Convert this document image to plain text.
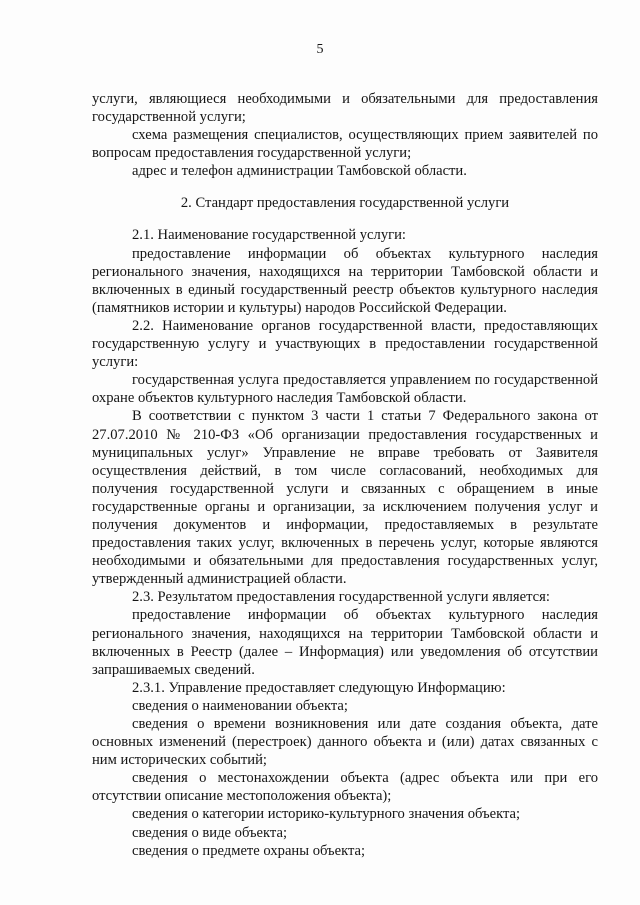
5

услуги, являющиеся необходимыми и обязательными для предоставления государственной услуги;

схема размещения специалистов, осуществляющих прием заявителей по вопросам предоставления государственной услуги;

адрес и телефон администрации Тамбовской области.

2. Стандарт предоставления государственной услуги

2.1. Наименование государственной услуги:

предоставление информации об объектах культурного наследия регионального значения, находящихся на территории Тамбовской области и включенных в единый государственный реестр объектов культурного наследия (памятников истории и культуры) народов Российской Федерации.

2.2. Наименование органов государственной власти, предоставляющих государственную услугу и участвующих в предоставлении государственной услуги:

государственная услуга предоставляется управлением по государственной охране объектов культурного наследия Тамбовской области.

В соответствии с пунктом 3 части 1 статьи 7 Федерального закона от 27.07.2010 № 210-ФЗ «Об организации предоставления государственных и муниципальных услуг» Управление не вправе требовать от Заявителя осуществления действий, в том числе согласований, необходимых для получения государственной услуги и связанных с обращением в иные государственные органы и организации, за исключением получения услуг и получения документов и информации, предоставляемых в результате предоставления таких услуг, включенных в перечень услуг, которые являются необходимыми и обязательными для предоставления государственных услуг, утвержденный администрацией области.

2.3. Результатом предоставления государственной услуги является:

предоставление информации об объектах культурного наследия регионального значения, находящихся на территории Тамбовской области и включенных в Реестр (далее – Информация) или уведомления об отсутствии запрашиваемых сведений.

2.3.1. Управление предоставляет следующую Информацию:

сведения о наименовании объекта;

сведения о времени возникновения или дате создания объекта, дате основных изменений (перестроек) данного объекта и (или) датах связанных с ним исторических событий;

сведения о местонахождении объекта (адрес объекта или при его отсутствии описание местоположения объекта);

сведения о категории историко-культурного значения объекта;

сведения о виде объекта;

сведения о предмете охраны объекта;
